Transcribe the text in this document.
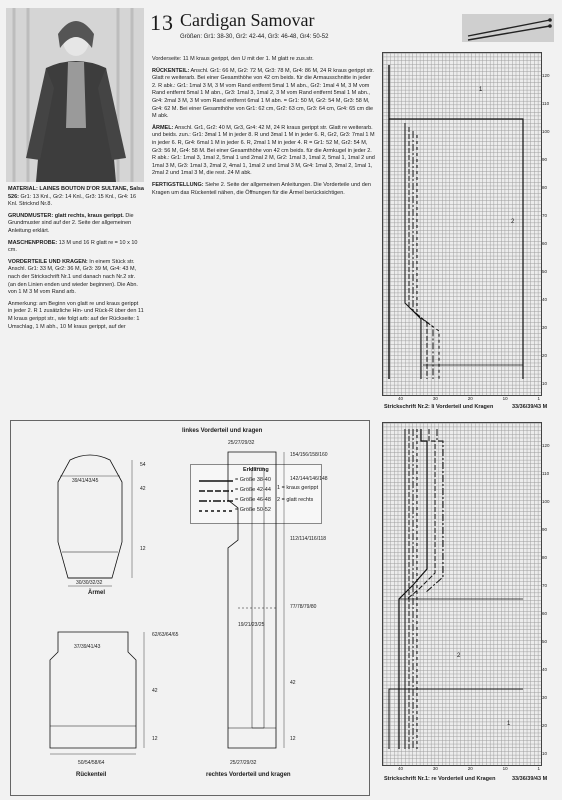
13 Cardigan Samovar
Größen: Gr1: 38-30, Gr2: 42-44, Gr3: 46-48, Gr4: 50-52

MATERIAL: LAINES BOUTON D'OR SULTANE, Salsa 526: Gr1: 13 Knl., Gr2: 14 Knl., Gr3: 15 Knl., Gr4: 16 Knl. Stricknd Nr.8.

GRUNDMUSTER: glatt rechts, kraus gerippt. Die Grundmuster sind auf der 2. Seite der allgemeinen Anleitung erklärt.

MASCHENPROBE: 13 M und 16 R glatt re = 10 x 10 cm.

VORDERTEILE UND KRAGEN: In einem Stück str. Anschl. Gr1: 33 M, Gr2: 36 M, Gr3: 39 M, Gr4: 43 M, nach der Strickschrift Nr.1 und danach nach Nr.2 str. (an den Linien enden und wieder beginnen). Die Abn. von 1 M 3 M vom Rand arb.

Anmerkung: am Beginn von glatt re und kraus gerippt in jeder 2. R 1 zusätzliche Hin- und Rück-R über den 11 M kraus gerippt str., wie folgt arb: auf der Rückseite: 1 Umschlag, 1 M abh., 10 M kraus gerippt, auf der

Vorderseite: 11 M kraus gerippt, den U mit der 1. M glatt re zus.str.

RÜCKENTEIL: Anschl. Gr1: 66 M, Gr2: 72 M, Gr3: 78 M, Gr4: 86 M, 24 R kraus gerippt str. Glatt re weiterarb. Bei einer Gesamthöhe von 42 cm beids. für die Armausschnitte in jeder 2. R abk.: Gr1: 1mal 3 M, 3 M vom Rand entfernt 5mal 1 M abn., Gr2: 1mal 4 M, 3 M vom Rand entfernt 5mal 1 M abn., Gr3: 1mal 3, 1mal 2, 3 M vom Rand entfernt 5mal 1 M abn., Gr4: 2mal 3 M, 3 M vom Rand entfernt 6mal 1 M abn. = Gr1: 50 M, Gr2: 54 M, Gr3: 58 M, Gr4: 62 M. Bei einer Gesamthöhe von Gr1: 62 cm, Gr2: 63 cm, Gr3: 64 cm, Gr4: 65 cm die M abk.

ÄRMEL: Anschl. Gr1, Gr2: 40 M, Gr3, Gr4: 42 M, 24 R kraus gerippt str. Glatt re weiterarb. und beids. zun.: Gr1: 3mal 1 M in jeder 8. R und 3mal 1 M in jeder 6. R, Gr2, Gr3: 7mal 1 M in jeder 6. R, Gr4: 6mal 1 M in jeder 6. R, 2mal 1 M in jeder 4. R = Gr1: 52 M, Gr2: 54 M, Gr3: 56 M, Gr4: 58 M. Bei einer Gesamthöhe von 42 cm beids. für die Armkugel in jeder 2. R abk.: Gr1: 1mal 3, 1mal 2, 5mal 1 und 2mal 2 M, Gr2: 1mal 3, 1mal 2, 5mal 1, 1mal 2 und 1mal 3 M, Gr3: 1mal 3, 2mal 2, 4mal 1, 1mal 2 und 1mal 3 M, Gr4: 1mal 3, 3mal 2, 1mal 1, 2mal 2 und 1mal 3 M, die rest. 24 M abk.

FERTIGSTELLUNG: Siehe 2. Seite der allgemeinen Anleitungen. Die Vorderteile und den Kragen um das Rückenteil nähen, die Öffnungen für die Ärmel berücksichtigen.

Erklärung
= Größe 38-40
= Größe 42-44
= Größe 46-48
= Größe 50-52
1 = kraus gerippt
2 = glatt rechts
39/41/43/45
54
42
12
30/30/32/32
Ärmel
37/39/41/43
62/63/64/65
42
12
50/54/58/64
Rückenteil
linkes Vorderteil und kragen
25/27/29/32
154/156/158/160
142/144/146/148
112/114/116/118
77/78/79/80
19/21/23/25
42
12
25/27/29/32
rechtes Vorderteil und kragen
1
2
120
110
100
90
80
70
60
50
40
30
20
10
40	30	20	10	1
Strickschrift Nr.2: li Vorderteil und Kragen	33/36/39/43 M
2
1
120
110
100
90
80
70
60
50
40
30
20
10
40	30	20	10	1
Strickschrift Nr.1: re Vorderteil und Kragen	33/36/39/43 M
